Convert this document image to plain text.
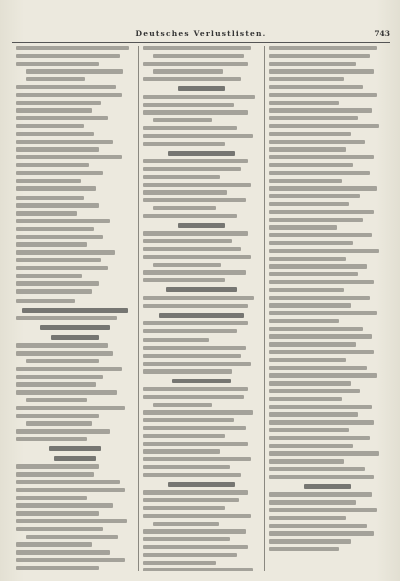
Deutsches Verlustlisten.	743
